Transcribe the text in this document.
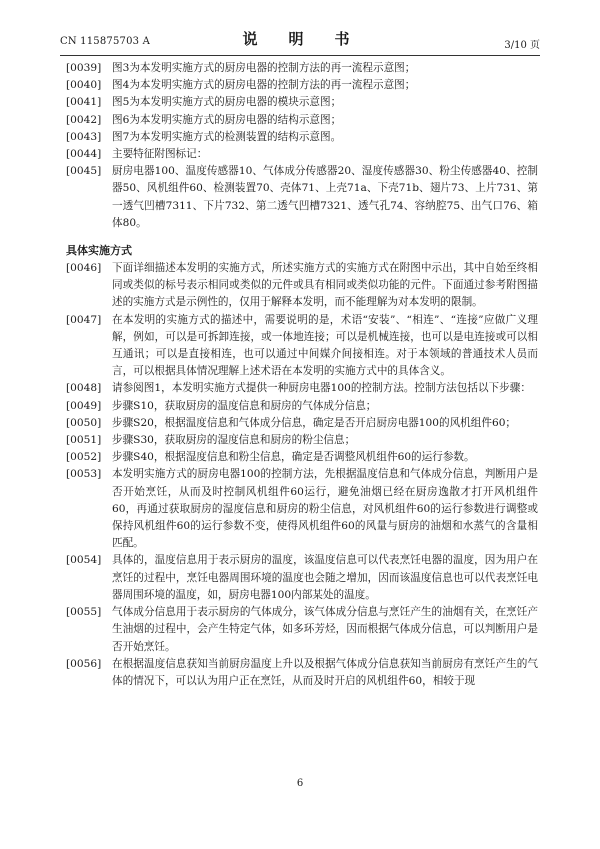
CN 115875703 A	说　明　书	3/10 页
[0039]	图3为本发明实施方式的厨房电器的控制方法的再一流程示意图；
[0040]	图4为本发明实施方式的厨房电器的控制方法的再一流程示意图；
[0041]	图5为本发明实施方式的厨房电器的模块示意图；
[0042]	图6为本发明实施方式的厨房电器的结构示意图；
[0043]	图7为本发明实施方式的检测装置的结构示意图。
[0044]	主要特征附图标记：
[0045]	厨房电器100、温度传感器10、气体成分传感器20、湿度传感器30、粉尘传感器40、控制器50、风机组件60、检测装置70、壳体71、上壳71a、下壳71b、翅片73、上片731、第一透气凹槽7311、下片732、第二透气凹槽7321、透气孔74、容纳腔75、出气口76、箱体80。
具体实施方式
[0046]	下面详细描述本发明的实施方式，所述实施方式的实施方式在附图中示出，其中自始至终相同或类似的标号表示相同或类似的元件或具有相同或类似功能的元件。下面通过参考附图描述的实施方式是示例性的，仅用于解释本发明，而不能理解为对本发明的限制。
[0047]	在本发明的实施方式的描述中，需要说明的是，术语“安装”、“相连”、“连接”应做广义理解，例如，可以是可拆卸连接，或一体地连接；可以是机械连接，也可以是电连接或可以相互通讯；可以是直接相连，也可以通过中间媒介间接相连。对于本领域的普通技术人员而言，可以根据具体情况理解上述术语在本发明的实施方式中的具体含义。
[0048]	请参阅图1，本发明实施方式提供一种厨房电器100的控制方法。控制方法包括以下步骤：
[0049]	步骤S10，获取厨房的温度信息和厨房的气体成分信息；
[0050]	步骤S20，根据温度信息和气体成分信息，确定是否开启厨房电器100的风机组件60；
[0051]	步骤S30，获取厨房的湿度信息和厨房的粉尘信息；
[0052]	步骤S40，根据湿度信息和粉尘信息，确定是否调整风机组件60的运行参数。
[0053]	本发明实施方式的厨房电器100的控制方法，先根据温度信息和气体成分信息，判断用户是否开始烹饪，从而及时控制风机组件60运行，避免油烟已经在厨房逸散才打开风机组件60，再通过获取厨房的湿度信息和厨房的粉尘信息，对风机组件60的运行参数进行调整或保持风机组件60的运行参数不变，使得风机组件60的风量与厨房的油烟和水蒸气的含量相匹配。
[0054]	具体的，温度信息用于表示厨房的温度，该温度信息可以代表烹饪电器的温度，因为用户在烹饪的过程中，烹饪电器周围环境的温度也会随之增加，因而该温度信息也可以代表烹饪电器周围环境的温度，如，厨房电器100内部某处的温度。
[0055]	气体成分信息用于表示厨房的气体成分，该气体成分信息与烹饪产生的油烟有关，在烹饪产生油烟的过程中，会产生特定气体，如多环芳烃，因而根据气体成分信息，可以判断用户是否开始烹饪。
[0056]	在根据温度信息获知当前厨房温度上升以及根据气体成分信息获知当前厨房有烹饪产生的气体的情况下，可以认为用户正在烹饪，从而及时开启的风机组件60，相较于现
6
